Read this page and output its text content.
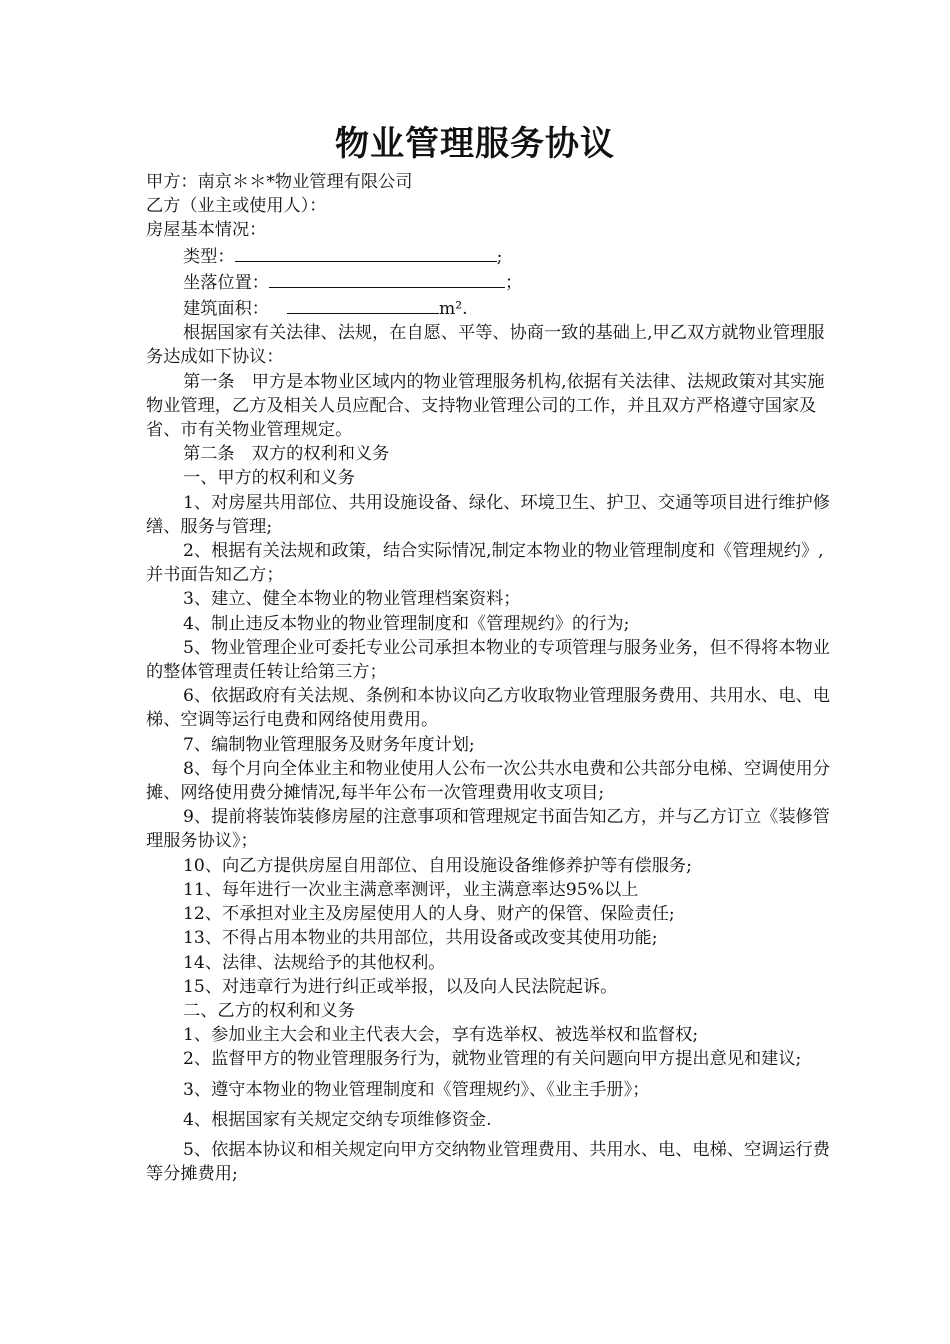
物业管理服务协议

甲方：南京＊＊*物业管理有限公司

乙方（业主或使用人）：

房屋基本情况：

类型：	;

坐落位置：	；

建筑面积：	m².

根据国家有关法律、法规，在自愿、平等、协商一致的基础上,甲乙双方就物业管理服务达成如下协议：

第一条　甲方是本物业区域内的物业管理服务机构,依据有关法律、法规政策对其实施物业管理，乙方及相关人员应配合、支持物业管理公司的工作，并且双方严格遵守国家及省、市有关物业管理规定。

第二条　双方的权利和义务

一、甲方的权利和义务

1、对房屋共用部位、共用设施设备、绿化、环境卫生、护卫、交通等项目进行维护修缮、服务与管理;

2、根据有关法规和政策，结合实际情况,制定本物业的物业管理制度和《管理规约》,并书面告知乙方；

3、建立、健全本物业的物业管理档案资料；

4、制止违反本物业的物业管理制度和《管理规约》的行为;

5、物业管理企业可委托专业公司承担本物业的专项管理与服务业务，但不得将本物业的整体管理责任转让给第三方；

6、依据政府有关法规、条例和本协议向乙方收取物业管理服务费用、共用水、电、电梯、空调等运行电费和网络使用费用。

7、编制物业管理服务及财务年度计划;

8、每个月向全体业主和物业使用人公布一次公共水电费和公共部分电梯、空调使用分摊、网络使用费分摊情况,每半年公布一次管理费用收支项目;

9、提前将装饰装修房屋的注意事项和管理规定书面告知乙方，并与乙方订立《装修管理服务协议》；

10、向乙方提供房屋自用部位、自用设施设备维修养护等有偿服务;

11、每年进行一次业主满意率测评，业主满意率达95%以上

12、不承担对业主及房屋使用人的人身、财产的保管、保险责任;

13、不得占用本物业的共用部位，共用设备或改变其使用功能;

14、法律、法规给予的其他权利。

15、对违章行为进行纠正或举报，以及向人民法院起诉。

二、乙方的权利和义务

1、参加业主大会和业主代表大会，享有选举权、被选举权和监督权;

2、监督甲方的物业管理服务行为，就物业管理的有关问题向甲方提出意见和建议;

3、遵守本物业的物业管理制度和《管理规约》、《业主手册》；

4、根据国家有关规定交纳专项维修资金.

5、依据本协议和相关规定向甲方交纳物业管理费用、共用水、电、电梯、空调运行费等分摊费用;
